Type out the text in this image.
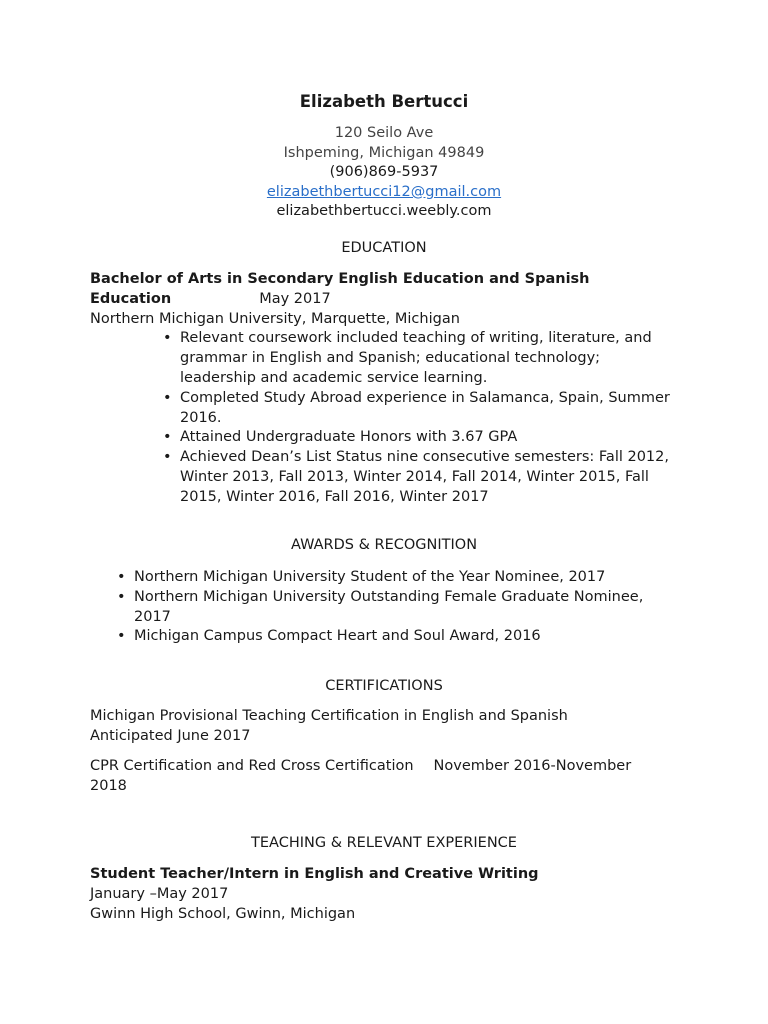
Elizabeth Bertucci
120 Seilo Ave
Ishpeming, Michigan 49849
(906)869-5937
elizabethbertucci12@gmail.com
elizabethbertucci.weebly.com
EDUCATION
Bachelor of Arts in Secondary English Education and Spanish
Education	May 2017
Northern Michigan University, Marquette, Michigan
• Relevant coursework included teaching of writing, literature, and grammar in English and Spanish; educational technology; leadership and academic service learning.
• Completed Study Abroad experience in Salamanca, Spain, Summer 2016.
• Attained Undergraduate Honors with 3.67 GPA
• Achieved Dean’s List Status nine consecutive semesters: Fall 2012, Winter 2013, Fall 2013, Winter 2014, Fall 2014, Winter 2015, Fall 2015, Winter 2016, Fall 2016, Winter 2017
AWARDS & RECOGNITION
• Northern Michigan University Student of the Year Nominee, 2017
• Northern Michigan University Outstanding Female Graduate Nominee, 2017
• Michigan Campus Compact Heart and Soul Award, 2016
CERTIFICATIONS
Michigan Provisional Teaching Certification in English and Spanish
Anticipated June 2017
CPR Certification and Red Cross Certification November 2016-November
2018
TEACHING & RELEVANT EXPERIENCE
Student Teacher/Intern in English and Creative Writing
January –May 2017
Gwinn High School, Gwinn, Michigan
